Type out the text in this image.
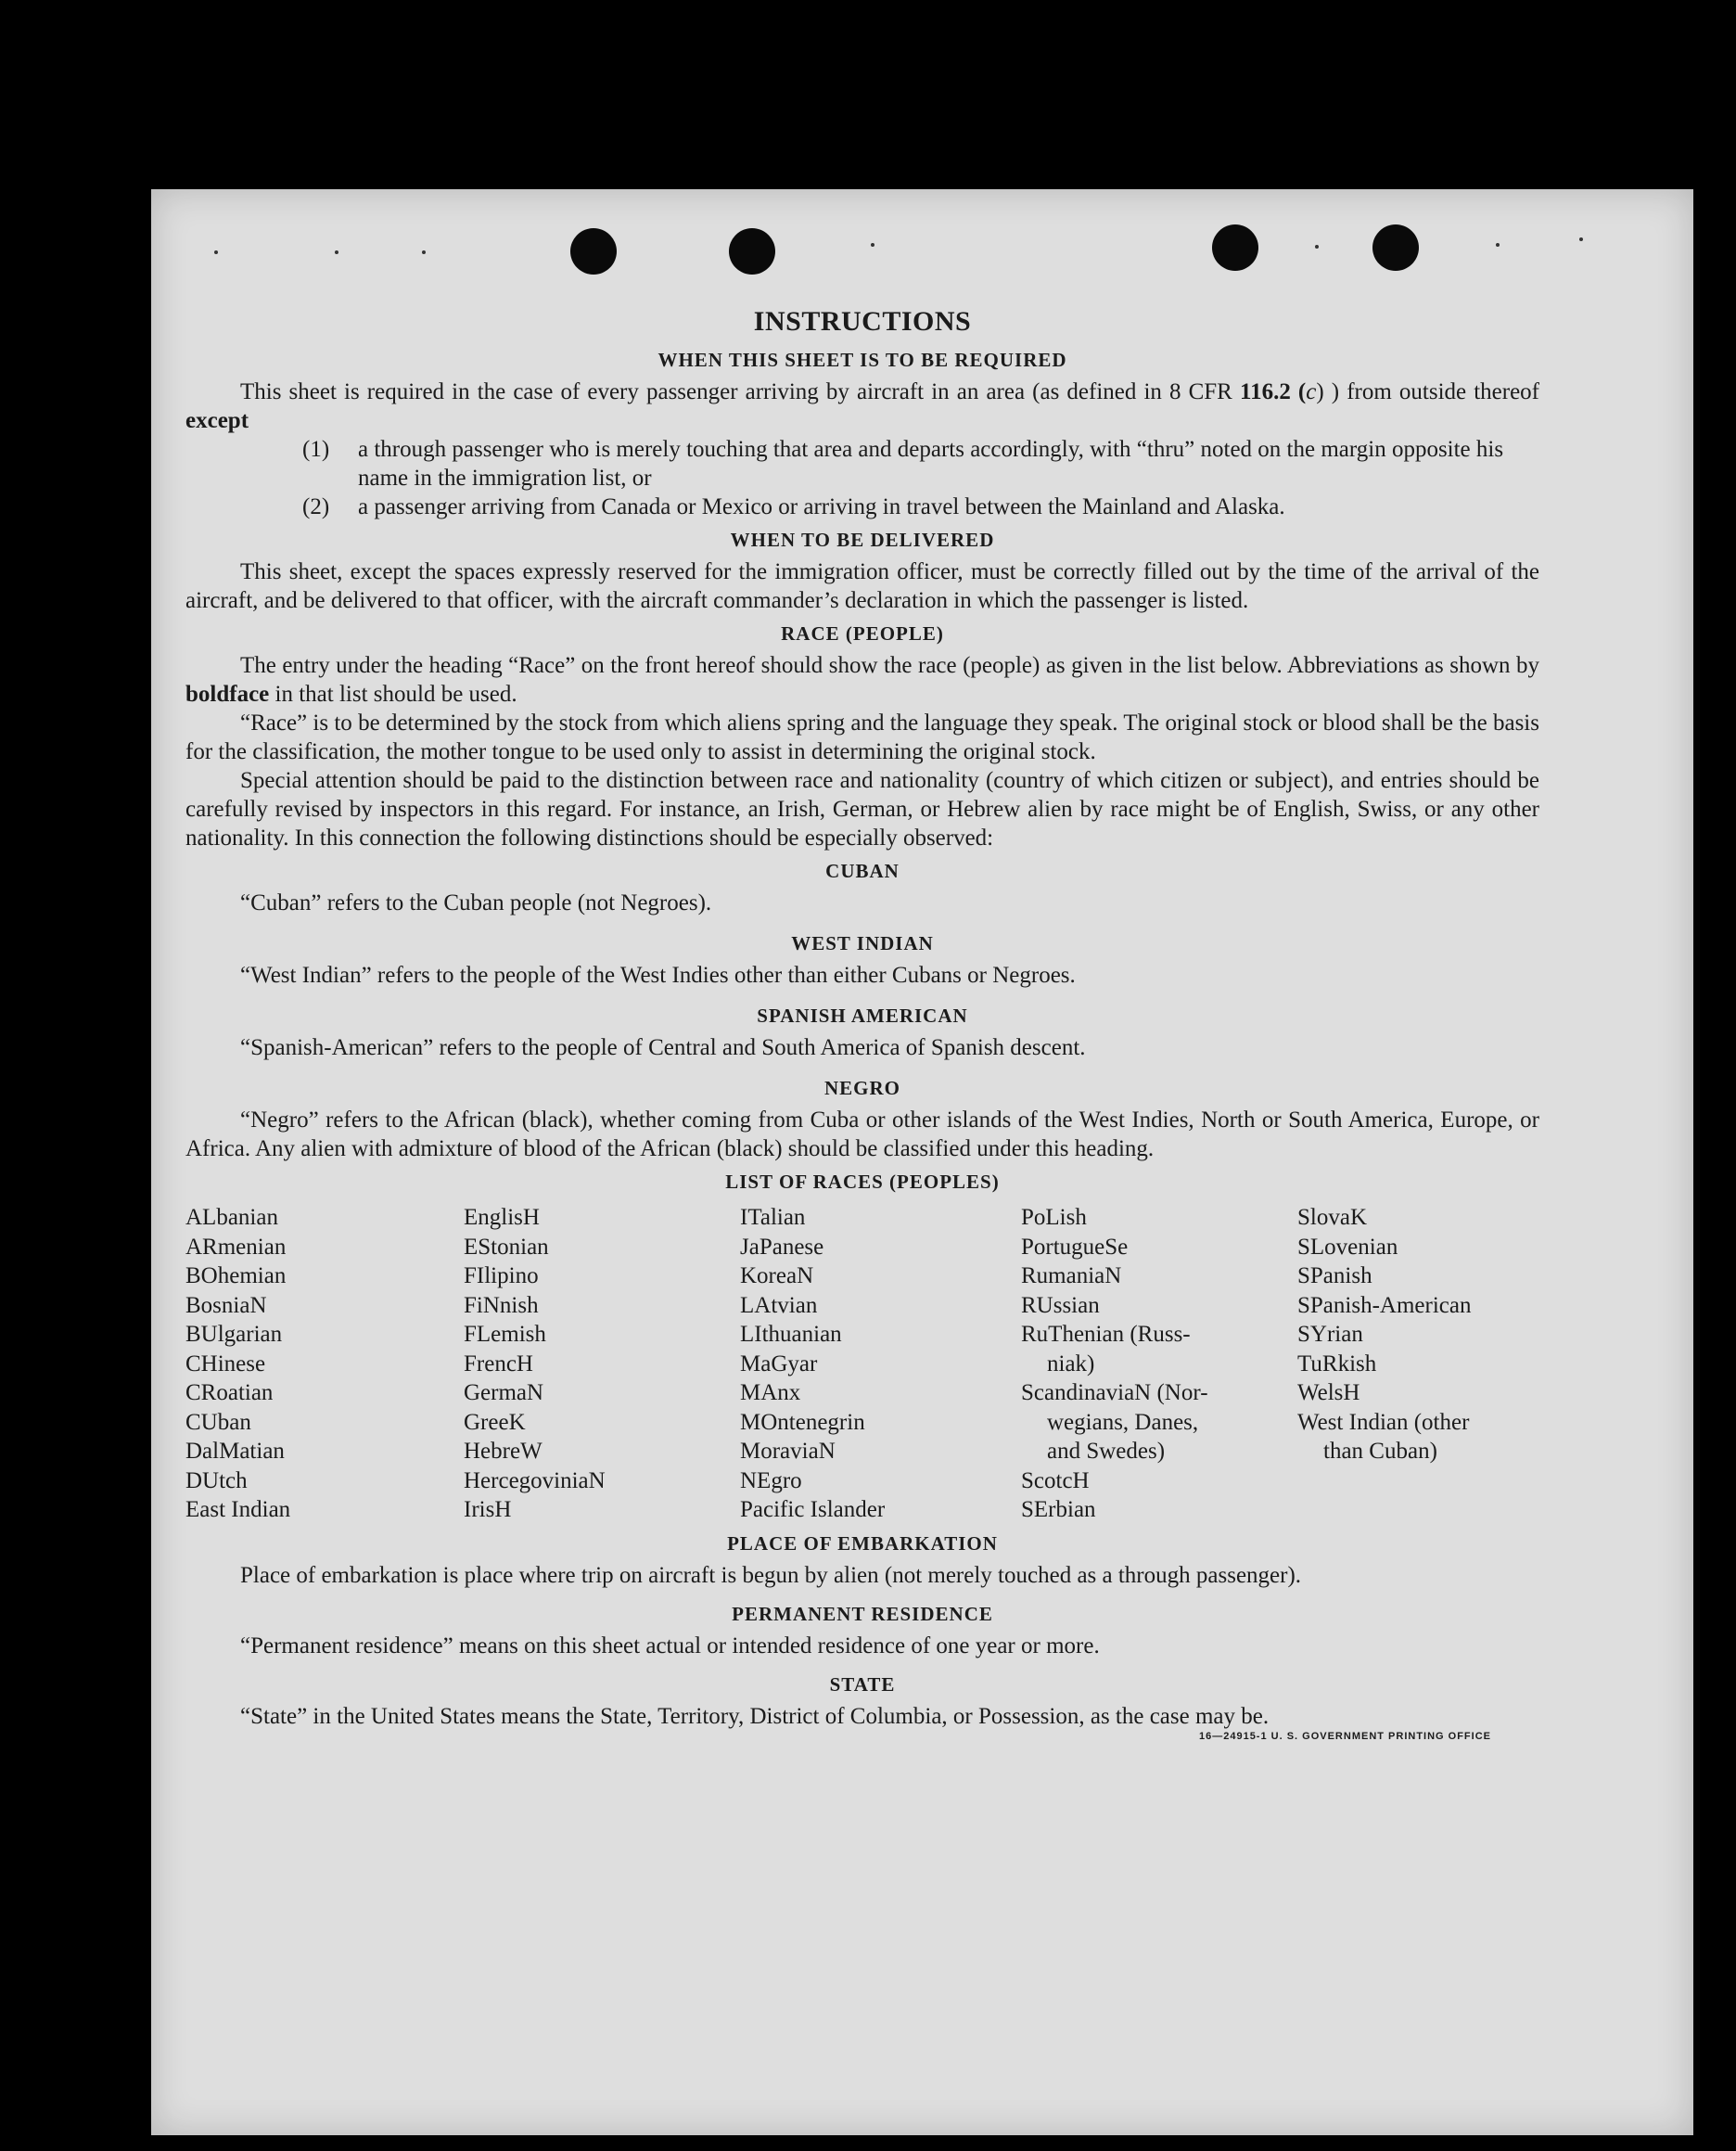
INSTRUCTIONS
WHEN THIS SHEET IS TO BE REQUIRED

This sheet is required in the case of every passenger arriving by aircraft in an area (as defined in 8 CFR 116.2 (c) ) from outside thereof except

(1)	a through passenger who is merely touching that area and departs accordingly, with “thru” noted on the margin opposite his name in the immigration list, or
(2)	a passenger arriving from Canada or Mexico or arriving in travel between the Mainland and Alaska.
WHEN TO BE DELIVERED

This sheet, except the spaces expressly reserved for the immigration officer, must be correctly filled out by the time of the arrival of the aircraft, and be delivered to that officer, with the aircraft commander’s declaration in which the passenger is listed.

RACE (PEOPLE)

The entry under the heading “Race” on the front hereof should show the race (people) as given in the list below. Abbreviations as shown by boldface in that list should be used.

“Race” is to be determined by the stock from which aliens spring and the language they speak. The original stock or blood shall be the basis for the classification, the mother tongue to be used only to assist in determining the original stock.

Special attention should be paid to the distinction between race and nationality (country of which citizen or subject), and entries should be carefully revised by inspectors in this regard. For instance, an Irish, German, or Hebrew alien by race might be of English, Swiss, or any other nationality. In this connection the following distinctions should be especially observed:

CUBAN

“Cuban” refers to the Cuban people (not Negroes).

WEST INDIAN

“West Indian” refers to the people of the West Indies other than either Cubans or Negroes.

SPANISH AMERICAN

“Spanish-American” refers to the people of Central and South America of Spanish descent.

NEGRO

“Negro” refers to the African (black), whether coming from Cuba or other islands of the West Indies, North or South America, Europe, or Africa. Any alien with admixture of blood of the African (black) should be classified under this heading.

LIST OF RACES (PEOPLES)
ALbanian
ARmenian
BOhemian
BosniaN
BUlgarian
CHinese
CRoatian
CUban
DalMatian
DUtch
East Indian
EnglisH
EStonian
FIlipino
FiNnish
FLemish
FrencH
GermaN
GreeK
HebreW
HercegoviniaN
IrisH
ITalian
JaPanese
KoreaN
LAtvian
LIthuanian
MaGyar
MAnx
MOntenegrin
MoraviaN
NEgro
Pacific Islander
PoLish
PortugueSe
RumaniaN
RUssian
RuThenian (Russ-
niak)
ScandinaviaN (Nor-
wegians, Danes,
and Swedes)
ScotcH
SErbian
SlovaK
SLovenian
SPanish
SPanish-American
SYrian
TuRkish
WelsH
West Indian (other
than Cuban)
PLACE OF EMBARKATION

Place of embarkation is place where trip on aircraft is begun by alien (not merely touched as a through passenger).

PERMANENT RESIDENCE

“Permanent residence” means on this sheet actual or intended residence of one year or more.

STATE

“State” in the United States means the State, Territory, District of Columbia, or Possession, as the case may be.

16—24915-1 U. S. GOVERNMENT PRINTING OFFICE
